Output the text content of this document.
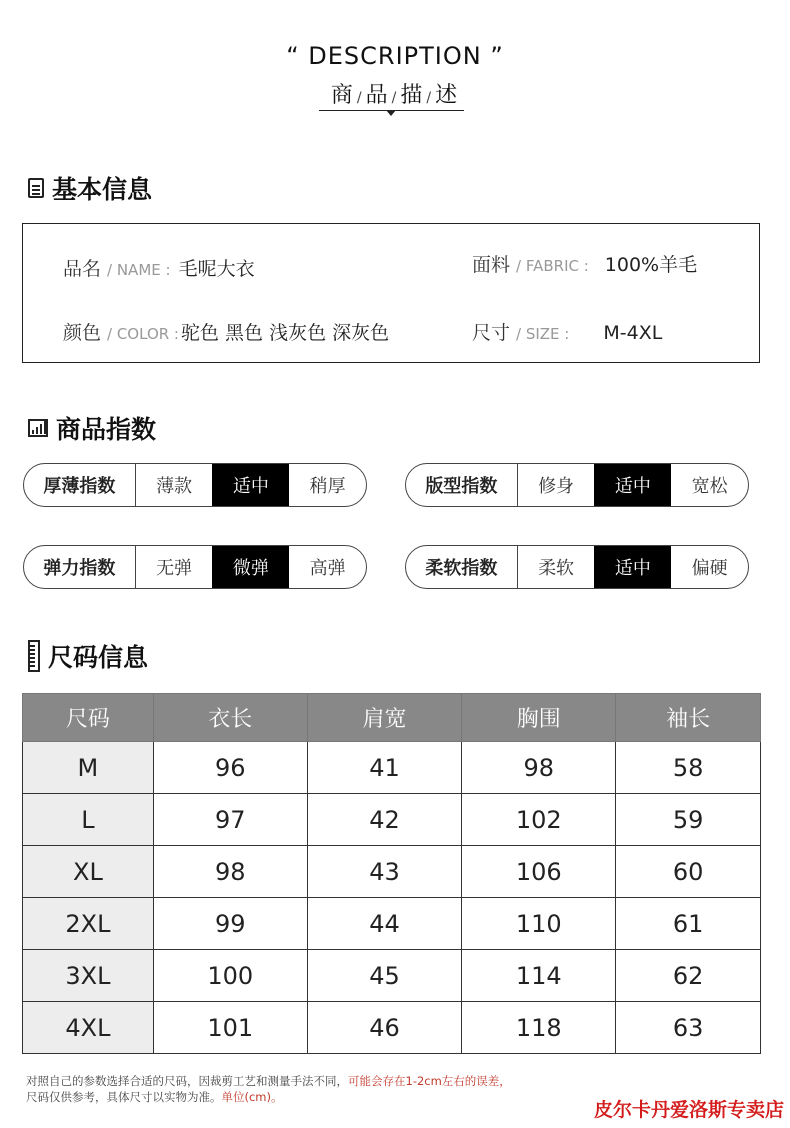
“ DESCRIPTION ”
商 /品 /描 /述
基本信息
品名 / NAME : 毛呢大衣	面料 / FABRIC : 100%羊毛
颜色 / COLOR : 驼色 黑色 浅灰色 深灰色	尺寸 / SIZE : M-4XL
商品指数
厚薄指数	薄款	适中	稍厚	版型指数	修身	适中	宽松
弹力指数	无弹	微弹	高弹	柔软指数	柔软	适中	偏硬
尺码信息
尺码	衣长	肩宽	胸围	袖长
M	96	41	98	58
L	97	42	102	59
XL	98	43	106	60
2XL	99	44	110	61
3XL	100	45	114	62
4XL	101	46	118	63
对照自己的参数选择合适的尺码，因裁剪工艺和测量手法不同，可能会存在1-2cm左右的误差，
尺码仅供参考，具体尺寸以实物为准。单位(cm)。
皮尔卡丹爱洛斯专卖店
